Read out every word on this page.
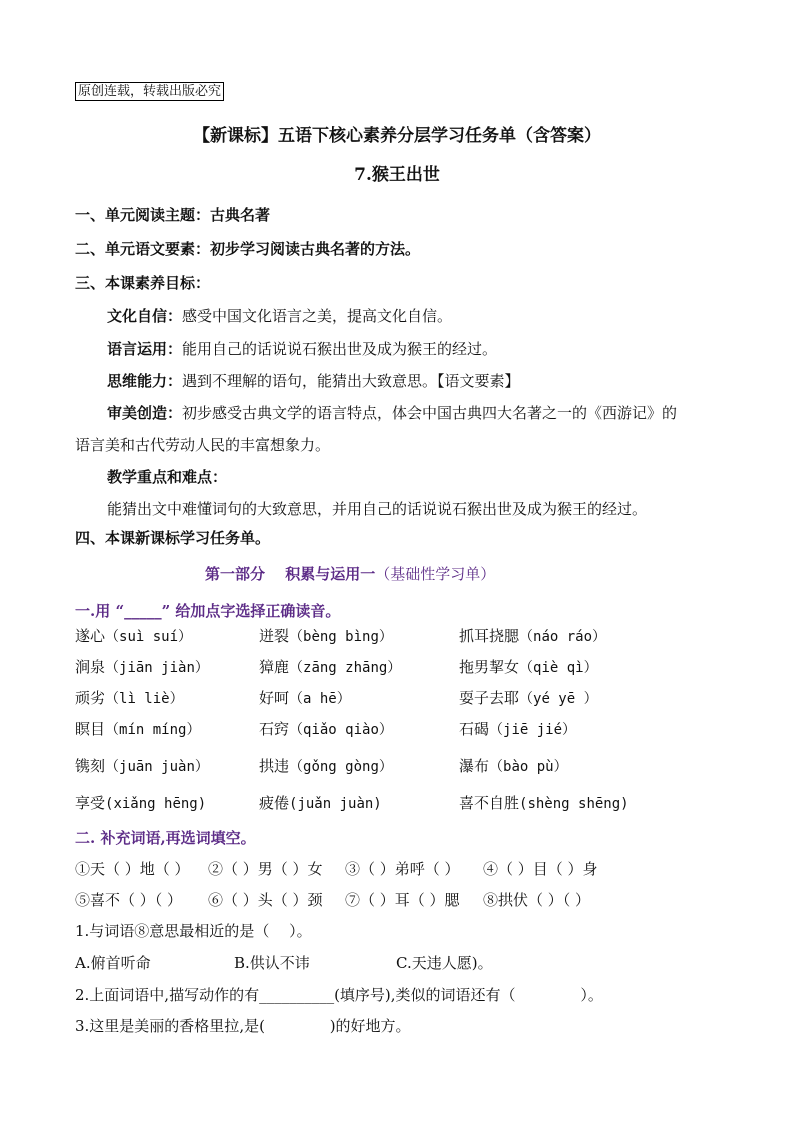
原创连载，转载出版必究
【新课标】五语下核心素养分层学习任务单（含答案）
7.猴王出世
一、单元阅读主题：古典名著
二、单元语文要素：初步学习阅读古典名著的方法。
三、本课素养目标：
文化自信：感受中国文化语言之美，提高文化自信。
语言运用：能用自己的话说说石猴出世及成为猴王的经过。
思维能力：遇到不理解的语句，能猜出大致意思。【语文要素】
审美创造：初步感受古典文学的语言特点，体会中国古典四大名著之一的《西游记》的
语言美和古代劳动人民的丰富想象力。
教学重点和难点：
能猜出文中难懂词句的大致意思，并用自己的话说说石猴出世及成为猴王的经过。
四、本课新课标学习任务单。
第一部分　 积累与运用一（基础性学习单）
一.用 “_____” 给加点字选择正确读音。
遂心（suì suí）	迸裂（bèng bìng）	抓耳挠腮（náo ráo）
涧泉（jiān jiàn）	獐鹿（zāng zhāng）	拖男挈女（qiè qì）
顽劣（lì liè）	好呵（a hē）	耍子去耶（yé yē ）
瞑目（mín míng）	石窍（qiǎo qiào）	石碣（jiē jié）
镌刻（juān juàn）	拱违（gǒng gòng）	瀑布（bào pù）
享受(xiǎng hēng)	疲倦(juǎn juàn)	喜不自胜(shèng shēng)
二. 补充词语,再选词填空。
①天（ ）地（ ） ②（ ）男（ ）女 ③（ ）弟呼（ ） ④（ ）目（ ）身
⑤喜不（ ）（ ） ⑥（ ）头（ ）颈 ⑦（ ）耳（ ）腮 ⑧拱伏（ ）（ ）
1.与词语⑧意思最相近的是（　 ）。
A.俯首听命	B.供认不讳	C.天违人愿)。
2.上面词语中,描写动作的有__________(填序号),类似的词语还有（　　　　 ）。
3.这里是美丽的香格里拉,是(　　　　 )的好地方。
